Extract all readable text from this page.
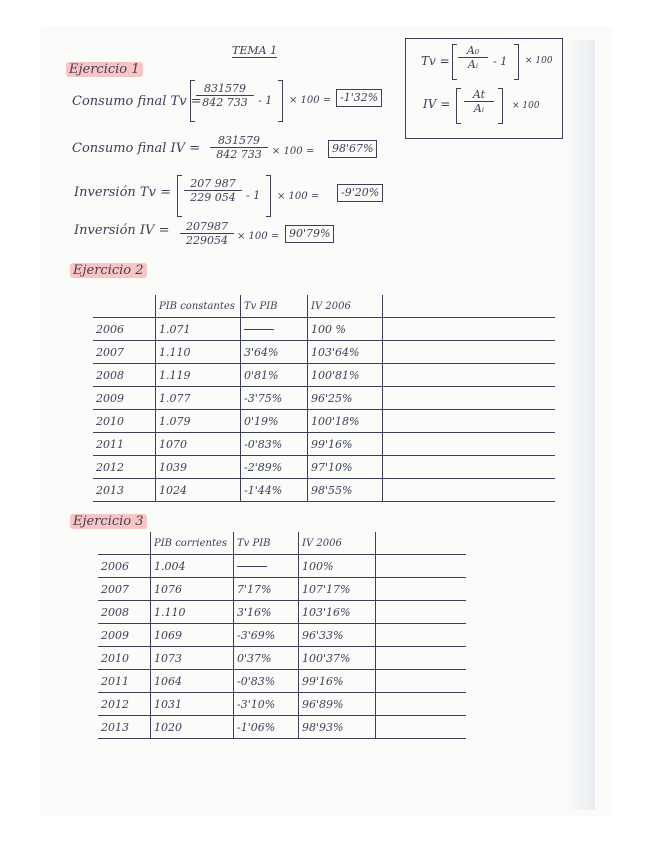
TEMA 1
$Tv = \frac{\text{A₀}}{\text{Aᵢ}} - 1 \times 100$
IV = $\frac{At}{\text{Aᵢ}} \times 100$
Ejercicio 1
Consumo final Tv =
$\frac{831579}{842 733} - 1 \times 100 = -1'32\%$
Consumo final IV = $\frac{831579}{842 733} \times 100$ =	98'67%
Inversión $Tv = \frac{207 987}{229 054} - 1 \times 100$ =	-9'20%
Inversión IV = $\frac{207987}{229054} \times 100 = 90'79\%$
Ejercicio 2
	PIB constantes	Tv PIB	IV 2006	
2006	1.071		100 %	
2007	1.110	3'64%	103'64%	
2008	1.119	0'81%	100'81%	
2009	1.077	-3'75%	96'25%	
2010	1.079	0'19%	100'18%	
2011	1070	-0'83%	99'16%	
2012	1039	-2'89%	97'10%	
2013	1024	-1'44%	98'55%	
Ejercicio 3
	PIB corrientes	Tv PIB	IV 2006	
2006	1.004		100%	
2007	1076	7'17%	107'17%	
2008	1.110	3'16%	103'16%	
2009	1069	-3'69%	96'33%	
2010	1073	0'37%	100'37%	
2011	1064	-0'83%	99'16%	
2012	1031	-3'10%	96'89%	
2013	1020	-1'06%	98'93%	
